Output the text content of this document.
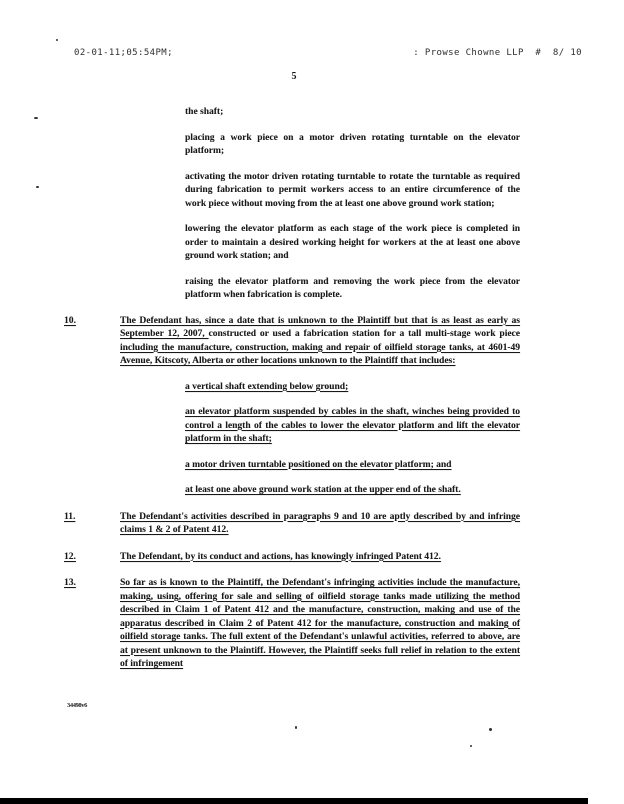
02-01-11;05:54PM;	: Prowse Chowne LLP  #  8/ 10
5
the shaft;
placing a work piece on a motor driven rotating turntable on the elevator platform;
activating the motor driven rotating turntable to rotate the turntable as required during fabrication to permit workers access to an entire circumference of the work piece without moving from the at least one above ground work station;
lowering the elevator platform as each stage of the work piece is completed in order to maintain a desired working height for workers at the at least one above ground work station; and
raising the elevator platform and removing the work piece from the elevator platform when fabrication is complete.
10.	The Defendant has, since a date that is unknown to the Plaintiff but that is as least as early as September 12, 2007, constructed or used a fabrication station for a tall multi-stage work piece including the manufacture, construction, making and repair of oilfield storage tanks, at 4601-49 Avenue, Kitscoty, Alberta or other locations unknown to the Plaintiff that includes:
a vertical shaft extending below ground;
an elevator platform suspended by cables in the shaft, winches being provided to control a length of the cables to lower the elevator platform and lift the elevator platform in the shaft;
a motor driven turntable positioned on the elevator platform; and
at least one above ground work station at the upper end of the shaft.
11.	The Defendant's activities described in paragraphs 9 and 10 are aptly described by and infringe claims 1 & 2 of Patent 412.
12.	The Defendant, by its conduct and actions, has knowingly infringed Patent 412.
13.	So far as is known to the Plaintiff, the Defendant's infringing activities include the manufacture, making, using, offering for sale and selling of oilfield storage tanks made utilizing the method described in Claim 1 of Patent 412 and the manufacture, construction, making and use of the apparatus described in Claim 2 of Patent 412 for the manufacture, construction and making of oilfield storage tanks. The full extent of the Defendant's unlawful activities, referred to above, are at present unknown to the Plaintiff. However, the Plaintiff seeks full relief in relation to the extent of infringement
34498v6
